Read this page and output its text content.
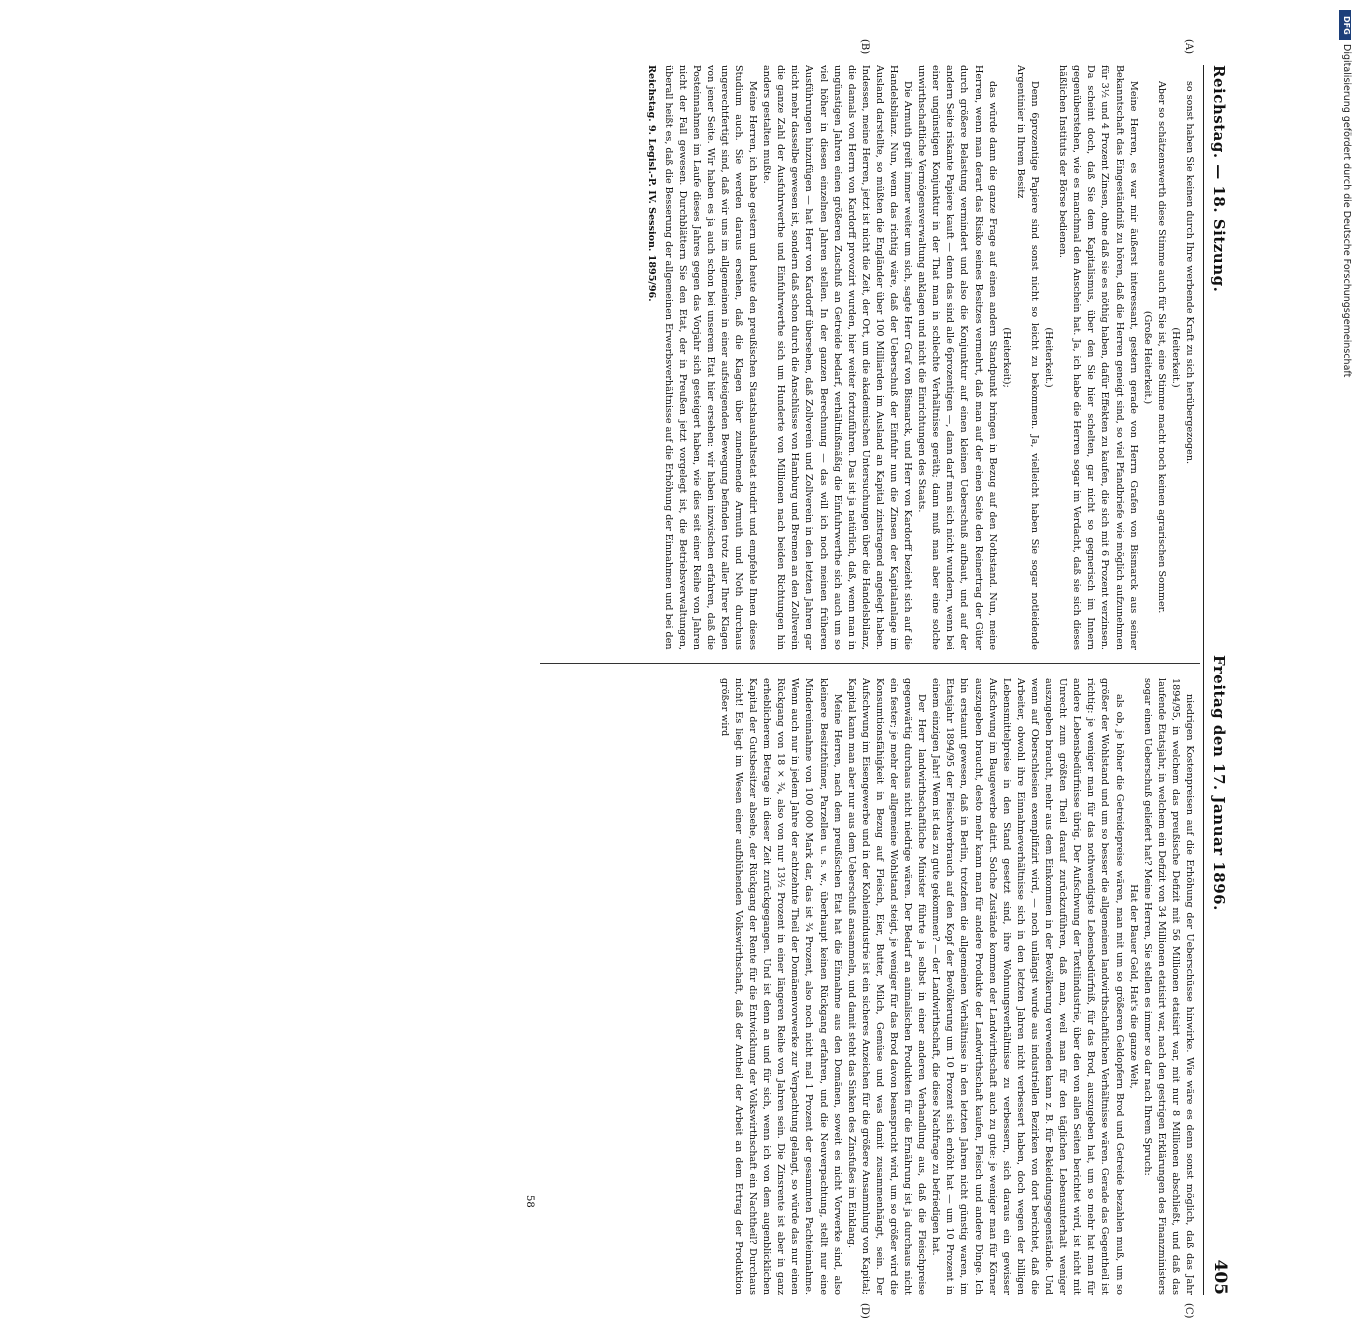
Reichstag. — 18. Sitzung.
Freitag den 17. Januar 1896.
405
(A)
(B)
(C)
(D)

so sonst haben Sie keinen durch Ihre werbende Kraft zu sich herübergezogen.

(Heiterkeit.)

Aber so schätzenswerth diese Stimme auch für Sie ist, eine Stimme macht noch keinen agrarischen Sommer.

(Große Heiterkeit.)

Meine Herren, es war mir äußerst interessant, gestern gerade von Herrn Grafen von Bismarck aus seiner Bekanntschaft das Eingeständniß zu hören, daß die Herren geneigt sind, so viel Pfandbriefe wie möglich aufzunehmen für 3½ und 4 Prozent Zinsen, ohne daß sie es nöthig haben, dafür Effekten zu kaufen, die sich mit 6 Prozent verzinsen. Da scheint doch, daß Sie dem Kapitalismus, über den Sie hier schelten, gar nicht so gegnerisch im Innern gegenüberstehen, wie es manchmal den Anschein hat. Ja, ich habe die Herren sogar im Verdacht, daß sie sich dieses häßlichen Instituts der Börse bedienen.

(Heiterkeit.)

Denn 6prozentige Papiere sind sonst nicht so leicht zu bekommen. Ja, vielleicht haben Sie sogar notleidende Argentinier in Ihrem Besitz

(Heiterkeit);

das würde dann die ganze Frage auf einen andern Standpunkt bringen in Bezug auf den Nothstand. Nun, meine Herren, wenn man derart das Risiko seines Besitzes vermehrt, daß man auf der einen Seite den Reinertrag der Güter durch größere Belastung vermindert und also die Konjunktur auf einen kleinen Ueberschuß aufbaut, und auf der andern Seite riskante Papiere kauft — denn das sind alle 6prozentigen —, dann darf man sich nicht wundern, wenn bei einer ungünstigen Konjunktur in der That man in schlechte Verhältnisse geräth; dann muß man aber eine solche unwirthschaftliche Vermögensverwaltung anklagen und nicht die Einrichtungen des Staats.

Die Armuth greift immer weiter um sich, sagte Herr Graf von Bismarck, und Herr von Kardorff bezieht sich auf die Handelsbilanz. Nun, wenn das richtig wäre, daß der Ueberschuß der Einfuhr nun die Zinsen der Kapitalanlage im Ausland darstellte, so müßten die Engländer über 100 Milliarden im Ausland an Kapital zinstragend angelegt haben. Indessen, meine Herren, jetzt ist nicht die Zeit, der Ort, um die akademischen Untersuchungen über die Handelsbilanz, die damals von Herrn von Kardorff provozirt wurden, hier weiter fortzuführen. Das ist ja natürlich, daß, wenn man in ungünstigen Jahren einen größeren Zuschuß an Getreide bedarf, verhältnißmäßig die Einfuhrwerthe sich auch um so viel höher in diesen einzelnen Jahren stellen. In der ganzen Berechnung — das will ich noch meinen früheren Ausführungen hinzufügen — hat Herr von Kardorff übersehen, daß Zollverein und Zollverein in den letzten Jahren gar nicht mehr dasselbe gewesen ist, sondern daß schon durch die Anschlüsse von Hamburg und Bremen an den Zollverein die ganze Zahl der Ausfuhrwerthe und Einfuhrwerthe sich um Hunderte von Millionen nach beiden Richtungen hin anders gestalten mußte.

Meine Herren, ich habe gestern und heute den preußischen Staatshaushaltsetat studirt und empfehle Ihnen dieses Studium auch. Sie werden daraus ersehen, daß die Klagen über zunehmende Armuth und Noth durchaus ungerechtfertigt sind, daß wir uns im allgemeinen in einer aufsteigenden Bewegung befinden trotz aller Ihrer Klagen von jener Seite. Wir haben es ja auch schon bei unserem Etat hier ersehen: wir haben inzwischen erfahren, daß die Posteinnahmen im Laufe dieses Jahres gegen das Vorjahr sich gesteigert haben, wie dies seit einer Reihe von Jahren nicht der Fall gewesen. Durchblättern Sie den Etat, der in Preußen jetzt vorgelegt ist, die Betriebsverwaltungen, überall heißt es, daß die Besserung der allgemeinen Erwerbsverhältnisse auf die Erhöhung der Einnahmen und bei den

Reichstag. 9. Legisl.-P. IV. Session. 1895/96.

niedrigen Kostenpreisen auf die Erhöhung der Ueberschüsse hinwirke. Wie wäre es denn sonst möglich, daß das Jahr 1894/95, in welchem das preußische Defizit mit 56 Millionen etatisirt war, mit nur 8 Millionen abschließt, und daß das laufende Etatsjahr, in welchem ein Defizit von 34 Millionen etatisirt war, nach den gestrigen Erklärungen des Finanzministers sogar einen Ueberschuß geliefert hat? Meine Herren, Sie stellen es immer so dar nach Ihrem Spruch:

Hat der Bauer Geld, Hat's die ganze Welt,

als ob, je höher die Getreidepreise wären, man mit um so größeren Geldopfern Brod und Getreide bezahlen muß, um so größer der Wohlstand und um so besser die allgemeinen landwirthschaftlichen Verhältnisse wären. Gerade das Gegentheil ist richtig: je weniger man für das nothwendigste Lebensbedürfniß, für das Brod, auszugeben hat, um so mehr hat man für andere Lebensbedürfnisse übrig. Der Aufschwung der Textilindustrie, über den von allen Seiten berichtet wird, ist nicht mit Unrecht zum größten Theil darauf zurückzuführen, daß man, weil man für den täglichen Lebensunterhalt weniger auszugeben braucht, mehr aus dem Einkommen in der Bevölkerung verwenden kann z. B. für Bekleidungsgegenstände. Und wenn auf Oberschlesien exemplifizirt wird, — noch unlängst wurde aus industriellen Bezirken von dort berichtet, daß die Arbeiter, obwohl ihre Einnahmeverhältnisse sich in den letzten Jahren nicht verbessert haben, doch wegen der billigen Lebensmittelpreise in den Stand gesetzt sind, ihre Wohnungsverhältnisse zu verbessern, sich daraus ein gewisser Aufschwung im Baugewerbe datirt. Solche Zustände kommen der Landwirthschaft auch zu gute: je weniger man für Körner auszugeben braucht, desto mehr kann man für andere Produkte der Landwirthschaft kaufen, Fleisch und andere Dinge. Ich bin erstaunt gewesen, daß in Berlin, trotzdem die allgemeinen Verhältnisse in den letzten Jahren nicht günstig waren, im Etatsjahr 1894/95 der Fleischverbrauch auf den Kopf der Bevölkerung um 10 Prozent sich erhöht hat — um 10 Prozent in einem einzigen Jahr! Wem ist das zu gute gekommen? — der Landwirthschaft, die diese Nachfrage zu befriedigen hat.

Der Herr landwirthschaftliche Minister führte ja selbst in einer anderen Verhandlung aus, daß die Fleischpreise gegenwärtig durchaus nicht niedrige wären. Der Bedarf an animalischen Produkten für die Ernährung ist ja durchaus nicht ein fester; je mehr der allgemeine Wohlstand steigt, je weniger für das Brod davon beansprucht wird, um so größer wird die Konsumtionsfähigkeit in Bezug auf Fleisch, Eier, Butter, Milch, Gemüse und was damit zusammenhängt, sein. Der Aufschwung im Eisengewerbe und in der Kohlenindustrie ist ein sicheres Anzeichen für die größere Ansammlung von Kapital; Kapital kann man aber nur aus dem Ueberschuß ansammeln, und damit steht das Sinken des Zinsfußes im Einklang.

Meine Herren, nach dem preußischen Etat hat die Einnahme aus den Domänen, soweit es nicht Vorwerke sind, also kleinere Besitzthümer, Parzellen u. s. w., überhaupt keinen Rückgang erfahren, und die Neuverpachtung, stellt nur eine Mindereinnahme von 100 000 Mark dar, das ist ³⁄₄ Prozent, also noch nicht mal 1 Prozent der gesammten Pachteinnahme. Wenn auch nur in jedem Jahre der achtzehnte Theil der Domänenvorwerke zur Verpachtung gelangt, so würde das nur einen Rückgang von 18 × ³⁄₄, also von nur 13½ Prozent in einer längeren Reihe von Jahren sein. Die Zinsrente ist aber in ganz erheblicherem Betrage in dieser Zeit zurückgegangen. Und ist denn an und für sich, wenn ich von dem augenblicklichen Kapital der Gutsbesitzer absehe, der Rückgang der Rente für die Entwicklung der Volkswirthschaft ein Nachtheil? Durchaus nicht! Es liegt im Wesen einer aufblühenden Volkswirthschaft, daß der Antheil der Arbeit an dem Ertrag der Produktion größer wird

58
DFG
Digitalisierung gefördert durch die Deutsche Forschungsgemeinschaft
